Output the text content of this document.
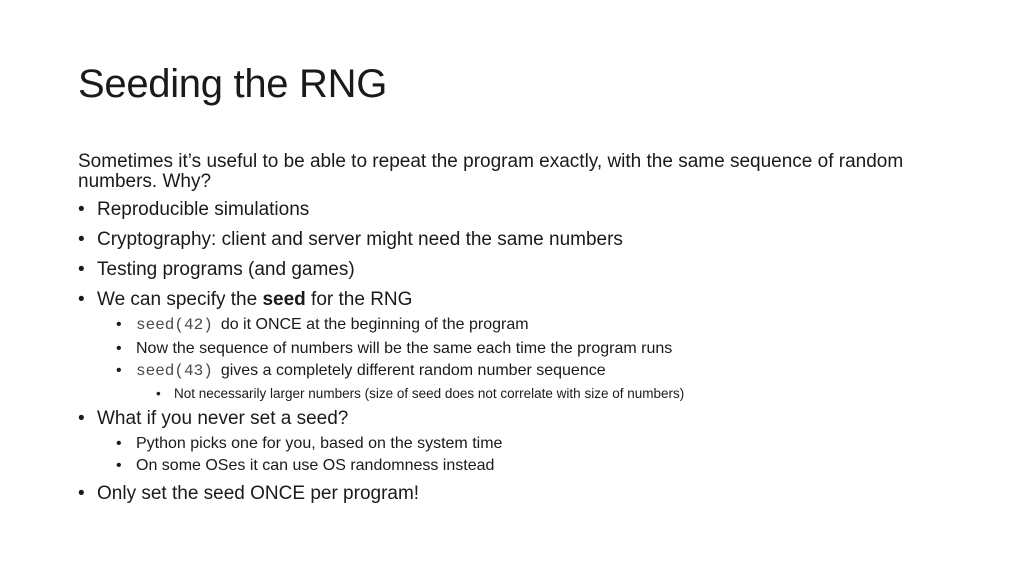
Seeding the RNG
Sometimes it’s useful to be able to repeat the program exactly, with the same sequence of random numbers. Why?
• Reproducible simulations
• Cryptography: client and server might need the same numbers
• Testing programs (and games)
• We can specify the seed for the RNG
• seed(42) do it ONCE at the beginning of the program
• Now the sequence of numbers will be the same each time the program runs
• seed(43) gives a completely different random number sequence
• Not necessarily larger numbers (size of seed does not correlate with size of numbers)
• What if you never set a seed?
• Python picks one for you, based on the system time
• On some OSes it can use OS randomness instead
• Only set the seed ONCE per program!
